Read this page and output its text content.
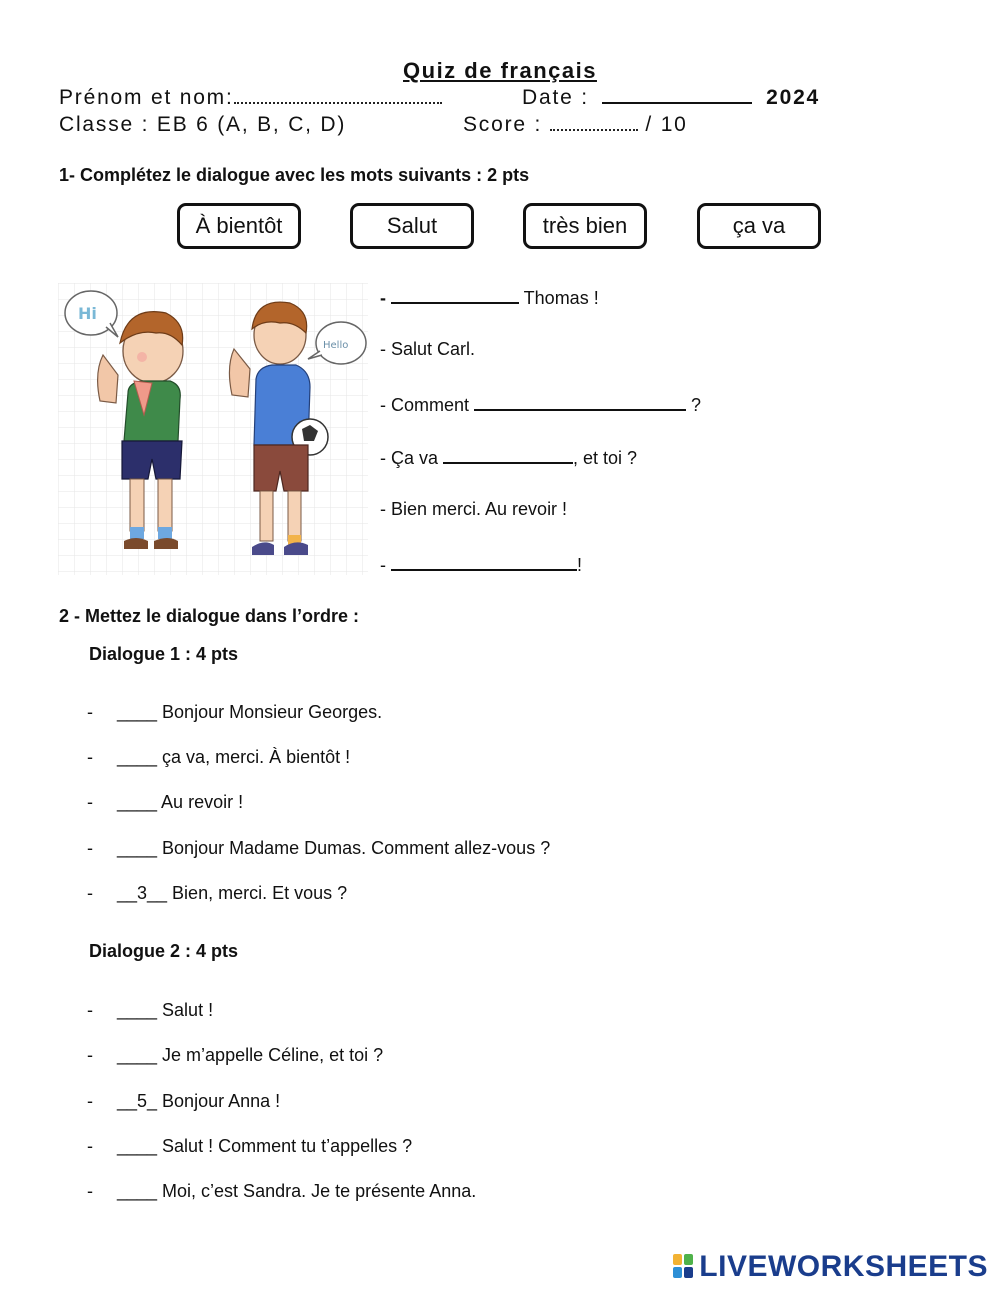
Quiz de français
Prénom et nom:	Date :	2024
Classe : EB 6 (A, B, C, D)	Score :	/ 10
1- Complétez le dialogue avec les mots suivants : 2 pts
À bientôt	Salut	très bien	ça va
Hi
Hello
-	Thomas !
- Salut Carl.
- Comment	?
- Ça va	, et toi ?
- Bien merci. Au revoir !
-	!
2 - Mettez le dialogue dans l’ordre :
Dialogue 1 : 4 pts
- ____ Bonjour Monsieur Georges.
- ____ ça va, merci. À bientôt !
- ____ Au revoir !
- ____ Bonjour Madame Dumas. Comment allez-vous ?
- __3__ Bien, merci. Et vous ?
Dialogue 2 : 4 pts
- ____ Salut !
- ____ Je m’appelle Céline, et toi ?
- __5_ Bonjour Anna !
- ____ Salut ! Comment tu t’appelles ?
- ____ Moi, c’est Sandra. Je te présente Anna.
LIVEWORKSHEETS
